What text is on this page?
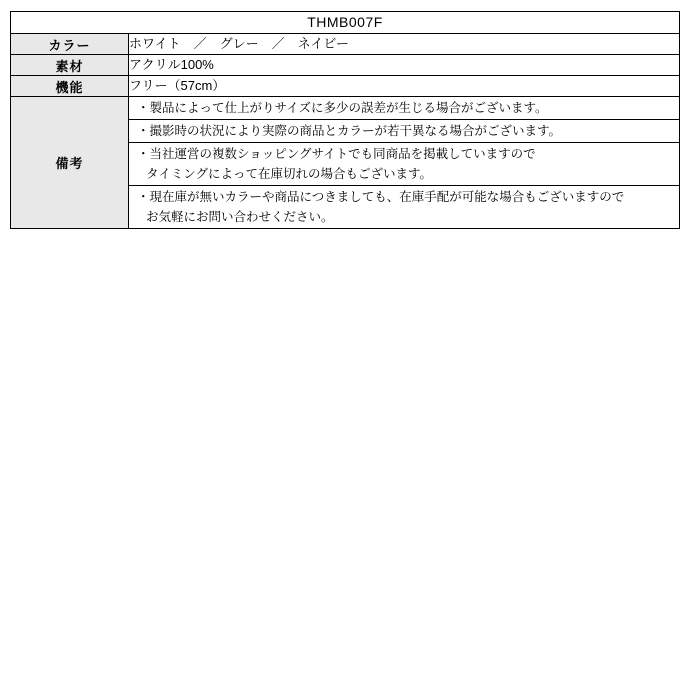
THMB007F	
カラー	ホワイト　／　グレー　／　ネイビー
素材	アクリル100%
機能	フリー（57cm）
備考	
・製品によって仕上がりサイズに多少の誤差が生じる場合がございます。
・撮影時の状況により実際の商品とカラーが若干異なる場合がございます。
・当社運営の複数ショッピングサイトでも同商品を掲載していますので
タイミングによって在庫切れの場合もございます。
・現在庫が無いカラーや商品につきましても、在庫手配が可能な場合もございますので
お気軽にお問い合わせください。
